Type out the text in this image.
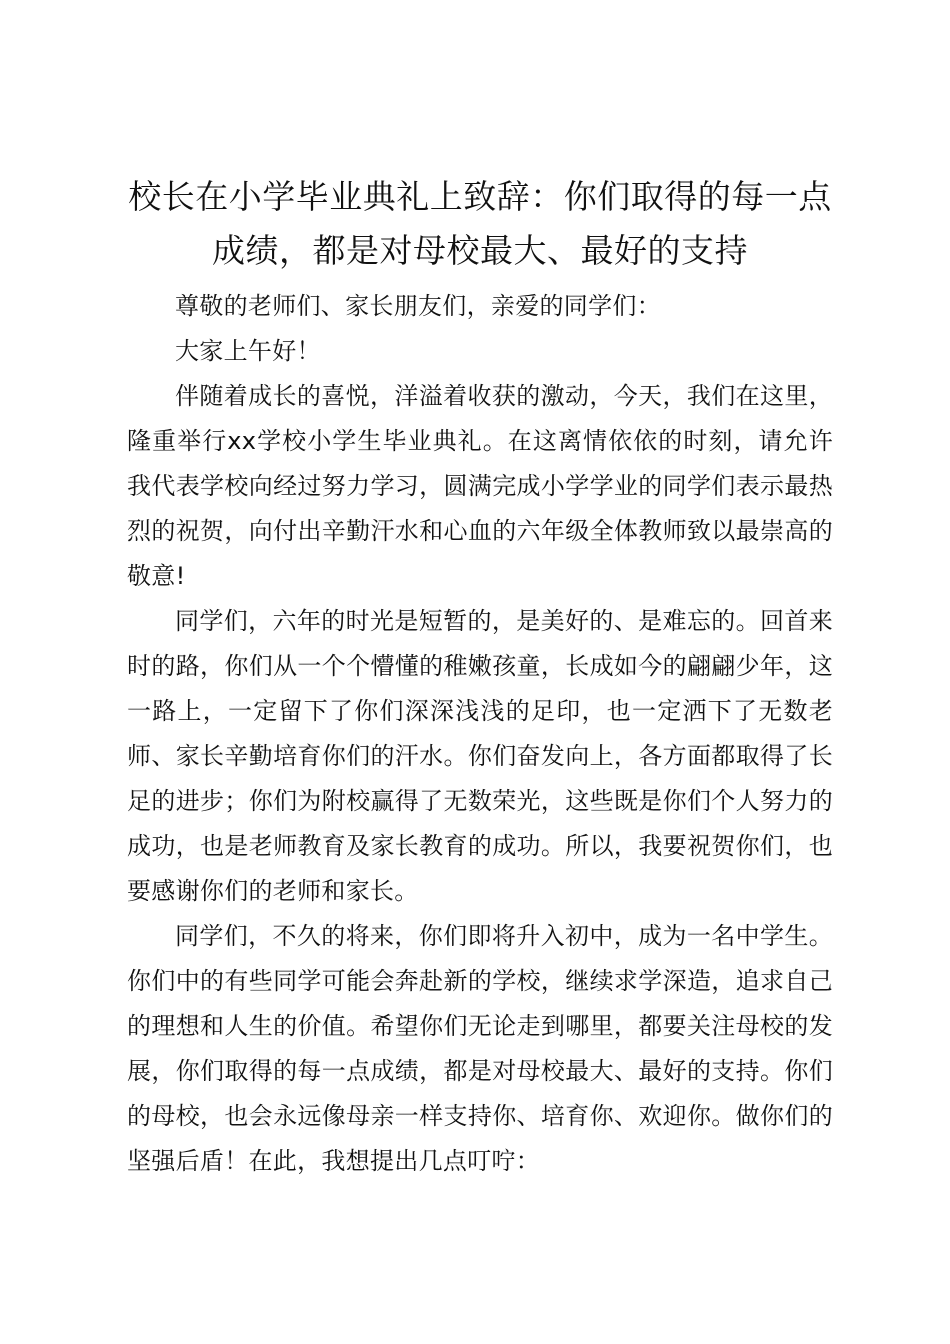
校长在小学毕业典礼上致辞：你们取得的每一点成绩，都是对母校最大、最好的支持

尊敬的老师们、家长朋友们，亲爱的同学们：

大家上午好！

伴随着成长的喜悦，洋溢着收获的激动，今天，我们在这里，隆重举行xx学校小学生毕业典礼。在这离情依依的时刻，请允许我代表学校向经过努力学习，圆满完成小学学业的同学们表示最热烈的祝贺，向付出辛勤汗水和心血的六年级全体教师致以最崇高的敬意!

同学们，六年的时光是短暂的，是美好的、是难忘的。回首来时的路，你们从一个个懵懂的稚嫩孩童，长成如今的翩翩少年，这一路上，一定留下了你们深深浅浅的足印，也一定洒下了无数老师、家长辛勤培育你们的汗水。你们奋发向上，各方面都取得了长足的进步；你们为附校赢得了无数荣光，这些既是你们个人努力的成功，也是老师教育及家长教育的成功。所以，我要祝贺你们，也要感谢你们的老师和家长。

同学们，不久的将来，你们即将升入初中，成为一名中学生。你们中的有些同学可能会奔赴新的学校，继续求学深造，追求自己的理想和人生的价值。希望你们无论走到哪里，都要关注母校的发展，你们取得的每一点成绩，都是对母校最大、最好的支持。你们的母校，也会永远像母亲一样支持你、培育你、欢迎你。做你们的坚强后盾！在此，我想提出几点叮咛：
